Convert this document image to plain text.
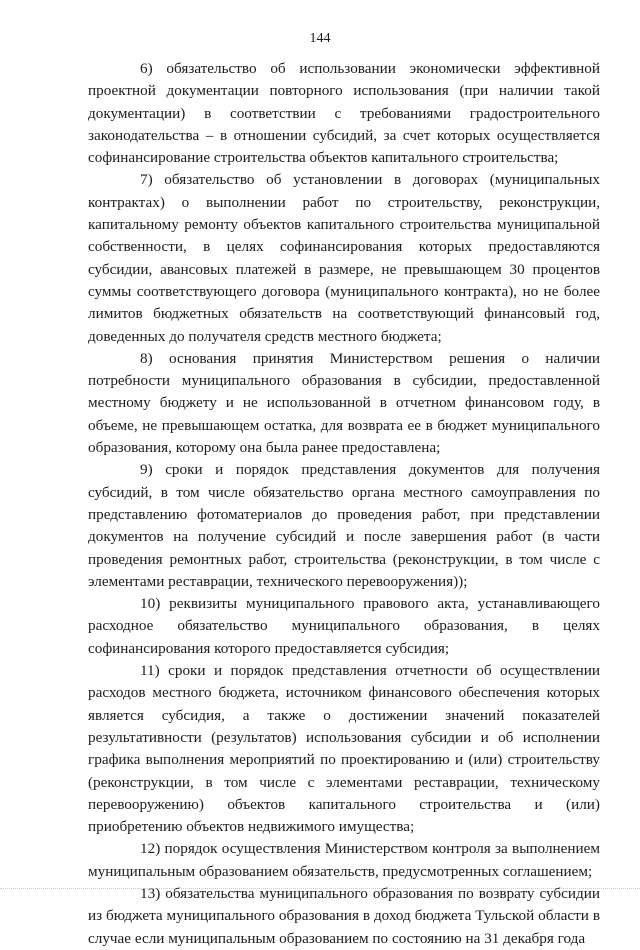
144

6) обязательство об использовании экономически эффективной проектной документации повторного использования (при наличии такой документации) в соответствии с требованиями градостроительного законодательства – в отношении субсидий, за счет которых осуществляется софинансирование строительства объектов капитального строительства;

7) обязательство об установлении в договорах (муниципальных контрактах) о выполнении работ по строительству, реконструкции, капитальному ремонту объектов капитального строительства муниципальной собственности, в целях софинансирования которых предоставляются субсидии, авансовых платежей в размере, не превышающем 30 процентов суммы соответствующего договора (муниципального контракта), но не более лимитов бюджетных обязательств на соответствующий финансовый год, доведенных до получателя средств местного бюджета;

8) основания принятия Министерством решения о наличии потребности муниципального образования в субсидии, предоставленной местному бюджету и не использованной в отчетном финансовом году, в объеме, не превышающем остатка, для возврата ее в бюджет муниципального образования, которому она была ранее предоставлена;

9) сроки и порядок представления документов для получения субсидий, в том числе обязательство органа местного самоуправления по представлению фотоматериалов до проведения работ, при представлении документов на получение субсидий и после завершения работ (в части проведения ремонтных работ, строительства (реконструкции, в том числе с элементами реставрации, технического перевооружения));

10) реквизиты муниципального правового акта, устанавливающего расходное обязательство муниципального образования, в целях софинансирования которого предоставляется субсидия;

11) сроки и порядок представления отчетности об осуществлении расходов местного бюджета, источником финансового обеспечения которых является субсидия, а также о достижении значений показателей результативности (результатов) использования субсидии и об исполнении графика выполнения мероприятий по проектированию и (или) строительству (реконструкции, в том числе с элементами реставрации, техническому перевооружению) объектов капитального строительства и (или) приобретению объектов недвижимого имущества;

12) порядок осуществления Министерством контроля за выполнением муниципальным образованием обязательств, предусмотренных соглашением;

13) обязательства муниципального образования по возврату субсидии из бюджета муниципального образования в доход бюджета Тульской области в случае если муниципальным образованием по состоянию на 31 декабря года
